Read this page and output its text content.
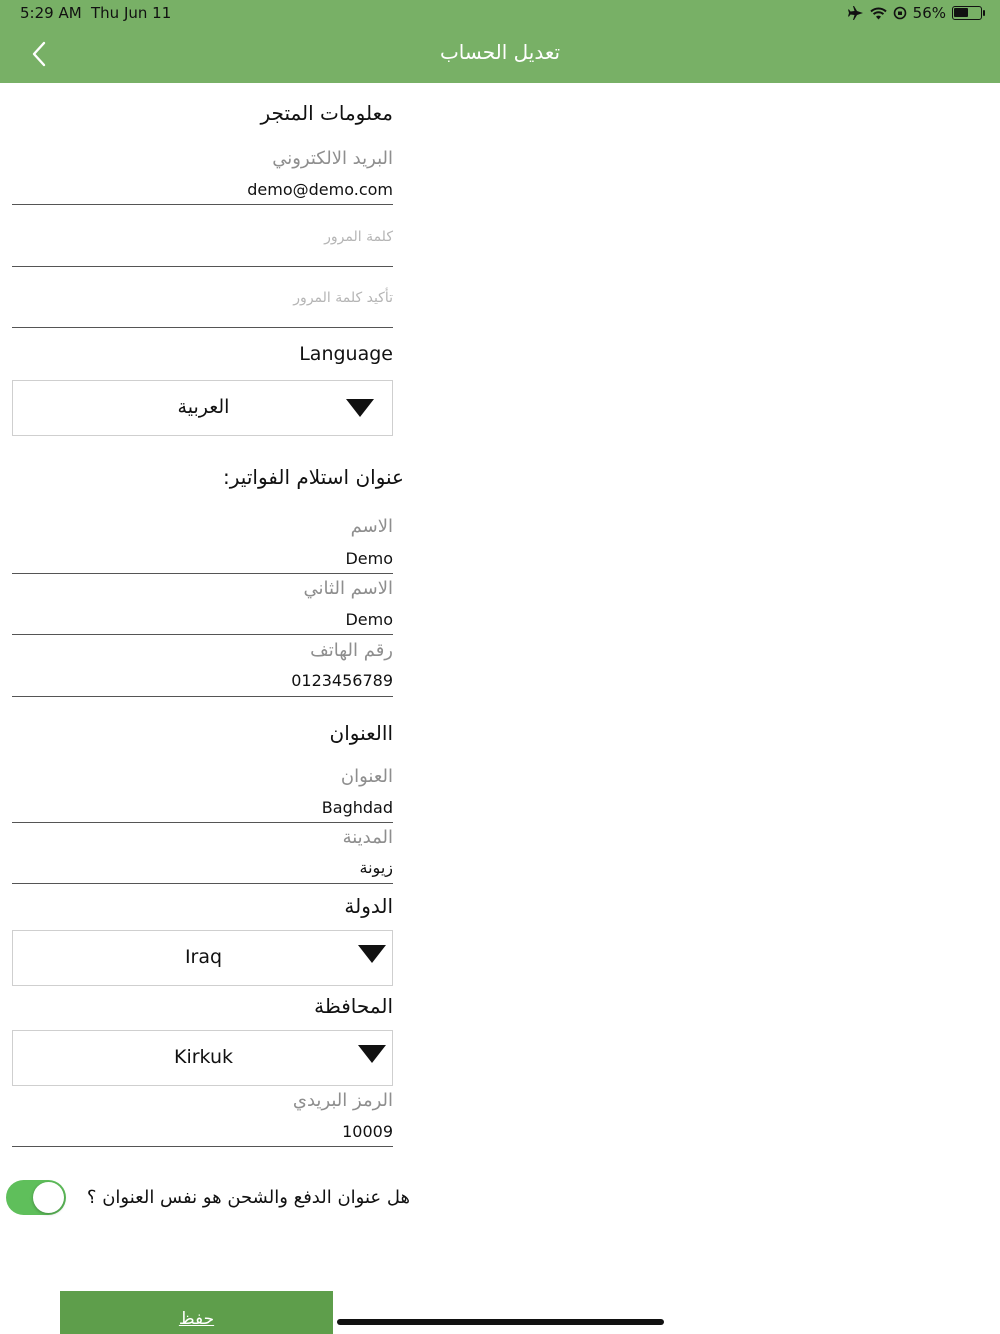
5:29 AM Thu Jun 11	56%
تعديل الحساب
معلومات المتجر
البريد الالكتروني
demo@demo.com
كلمة المرور
تأكيد كلمة المرور
Language
العربية
عنوان استلام الفواتير:
الاسم
Demo
الاسم الثاني
Demo
رقم الهاتف
0123456789
االعنوان
العنوان
Baghdad
المدينة
زيونة
الدولة
Iraq
المحافظة
Kirkuk
الرمز البريدي
10009
هل عنوان الدفع والشحن هو نفس العنوان ؟
حفظ
